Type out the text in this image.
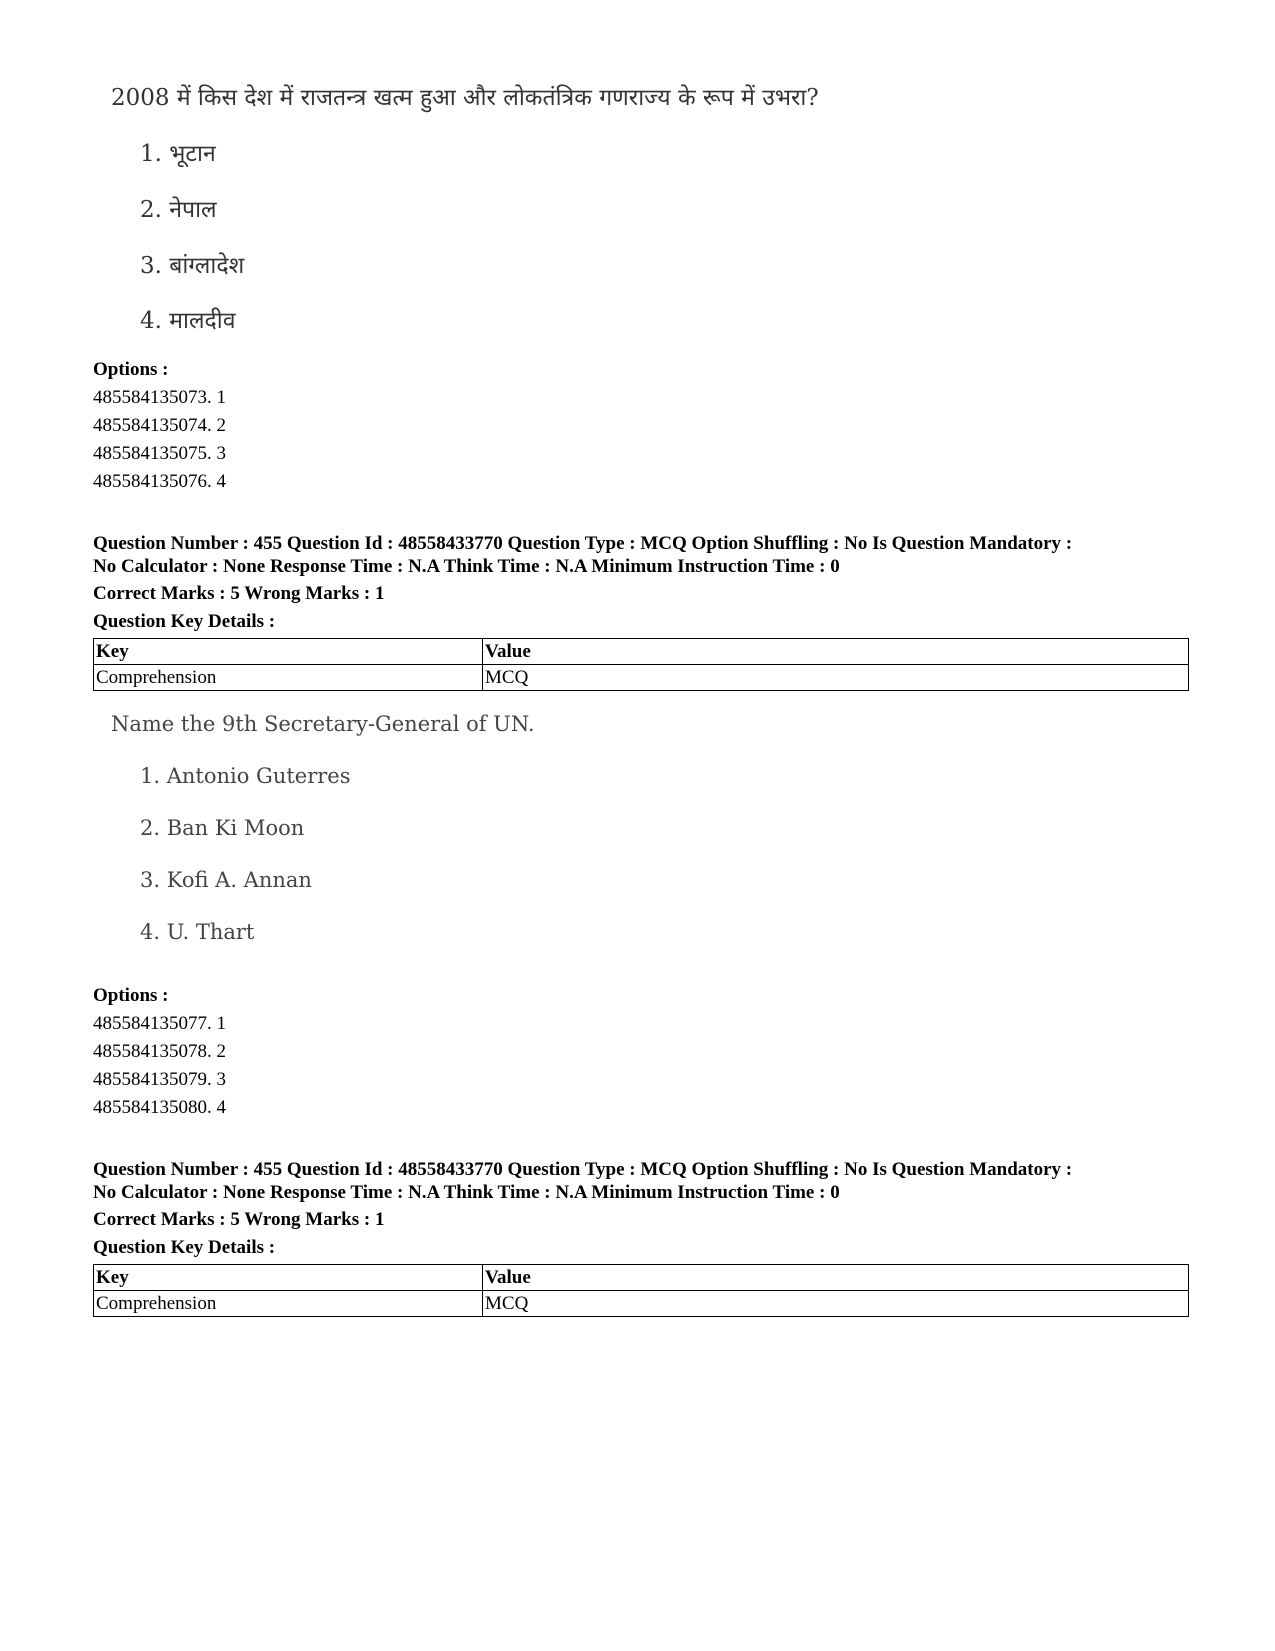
2008 में किस देश में राजतन्त्र खत्म हुआ और लोकतंत्रिक गणराज्य के रूप में उभरा?
1. भूटान
2. नेपाल
3. बांग्लादेश
4. मालदीव
Options :
485584135073. 1
485584135074. 2
485584135075. 3
485584135076. 4
Question Number : 455 Question Id : 48558433770 Question Type : MCQ Option Shuffling : No Is Question Mandatory :
No Calculator : None Response Time : N.A Think Time : N.A Minimum Instruction Time : 0
Correct Marks : 5 Wrong Marks : 1
Question Key Details :
Key	Value
Comprehension	MCQ
Name the 9th Secretary-General of UN.
1. Antonio Guterres
2. Ban Ki Moon
3. Kofi A. Annan
4. U. Thart
Options :
485584135077. 1
485584135078. 2
485584135079. 3
485584135080. 4
Question Number : 455 Question Id : 48558433770 Question Type : MCQ Option Shuffling : No Is Question Mandatory :
No Calculator : None Response Time : N.A Think Time : N.A Minimum Instruction Time : 0
Correct Marks : 5 Wrong Marks : 1
Question Key Details :
Key	Value
Comprehension	MCQ
